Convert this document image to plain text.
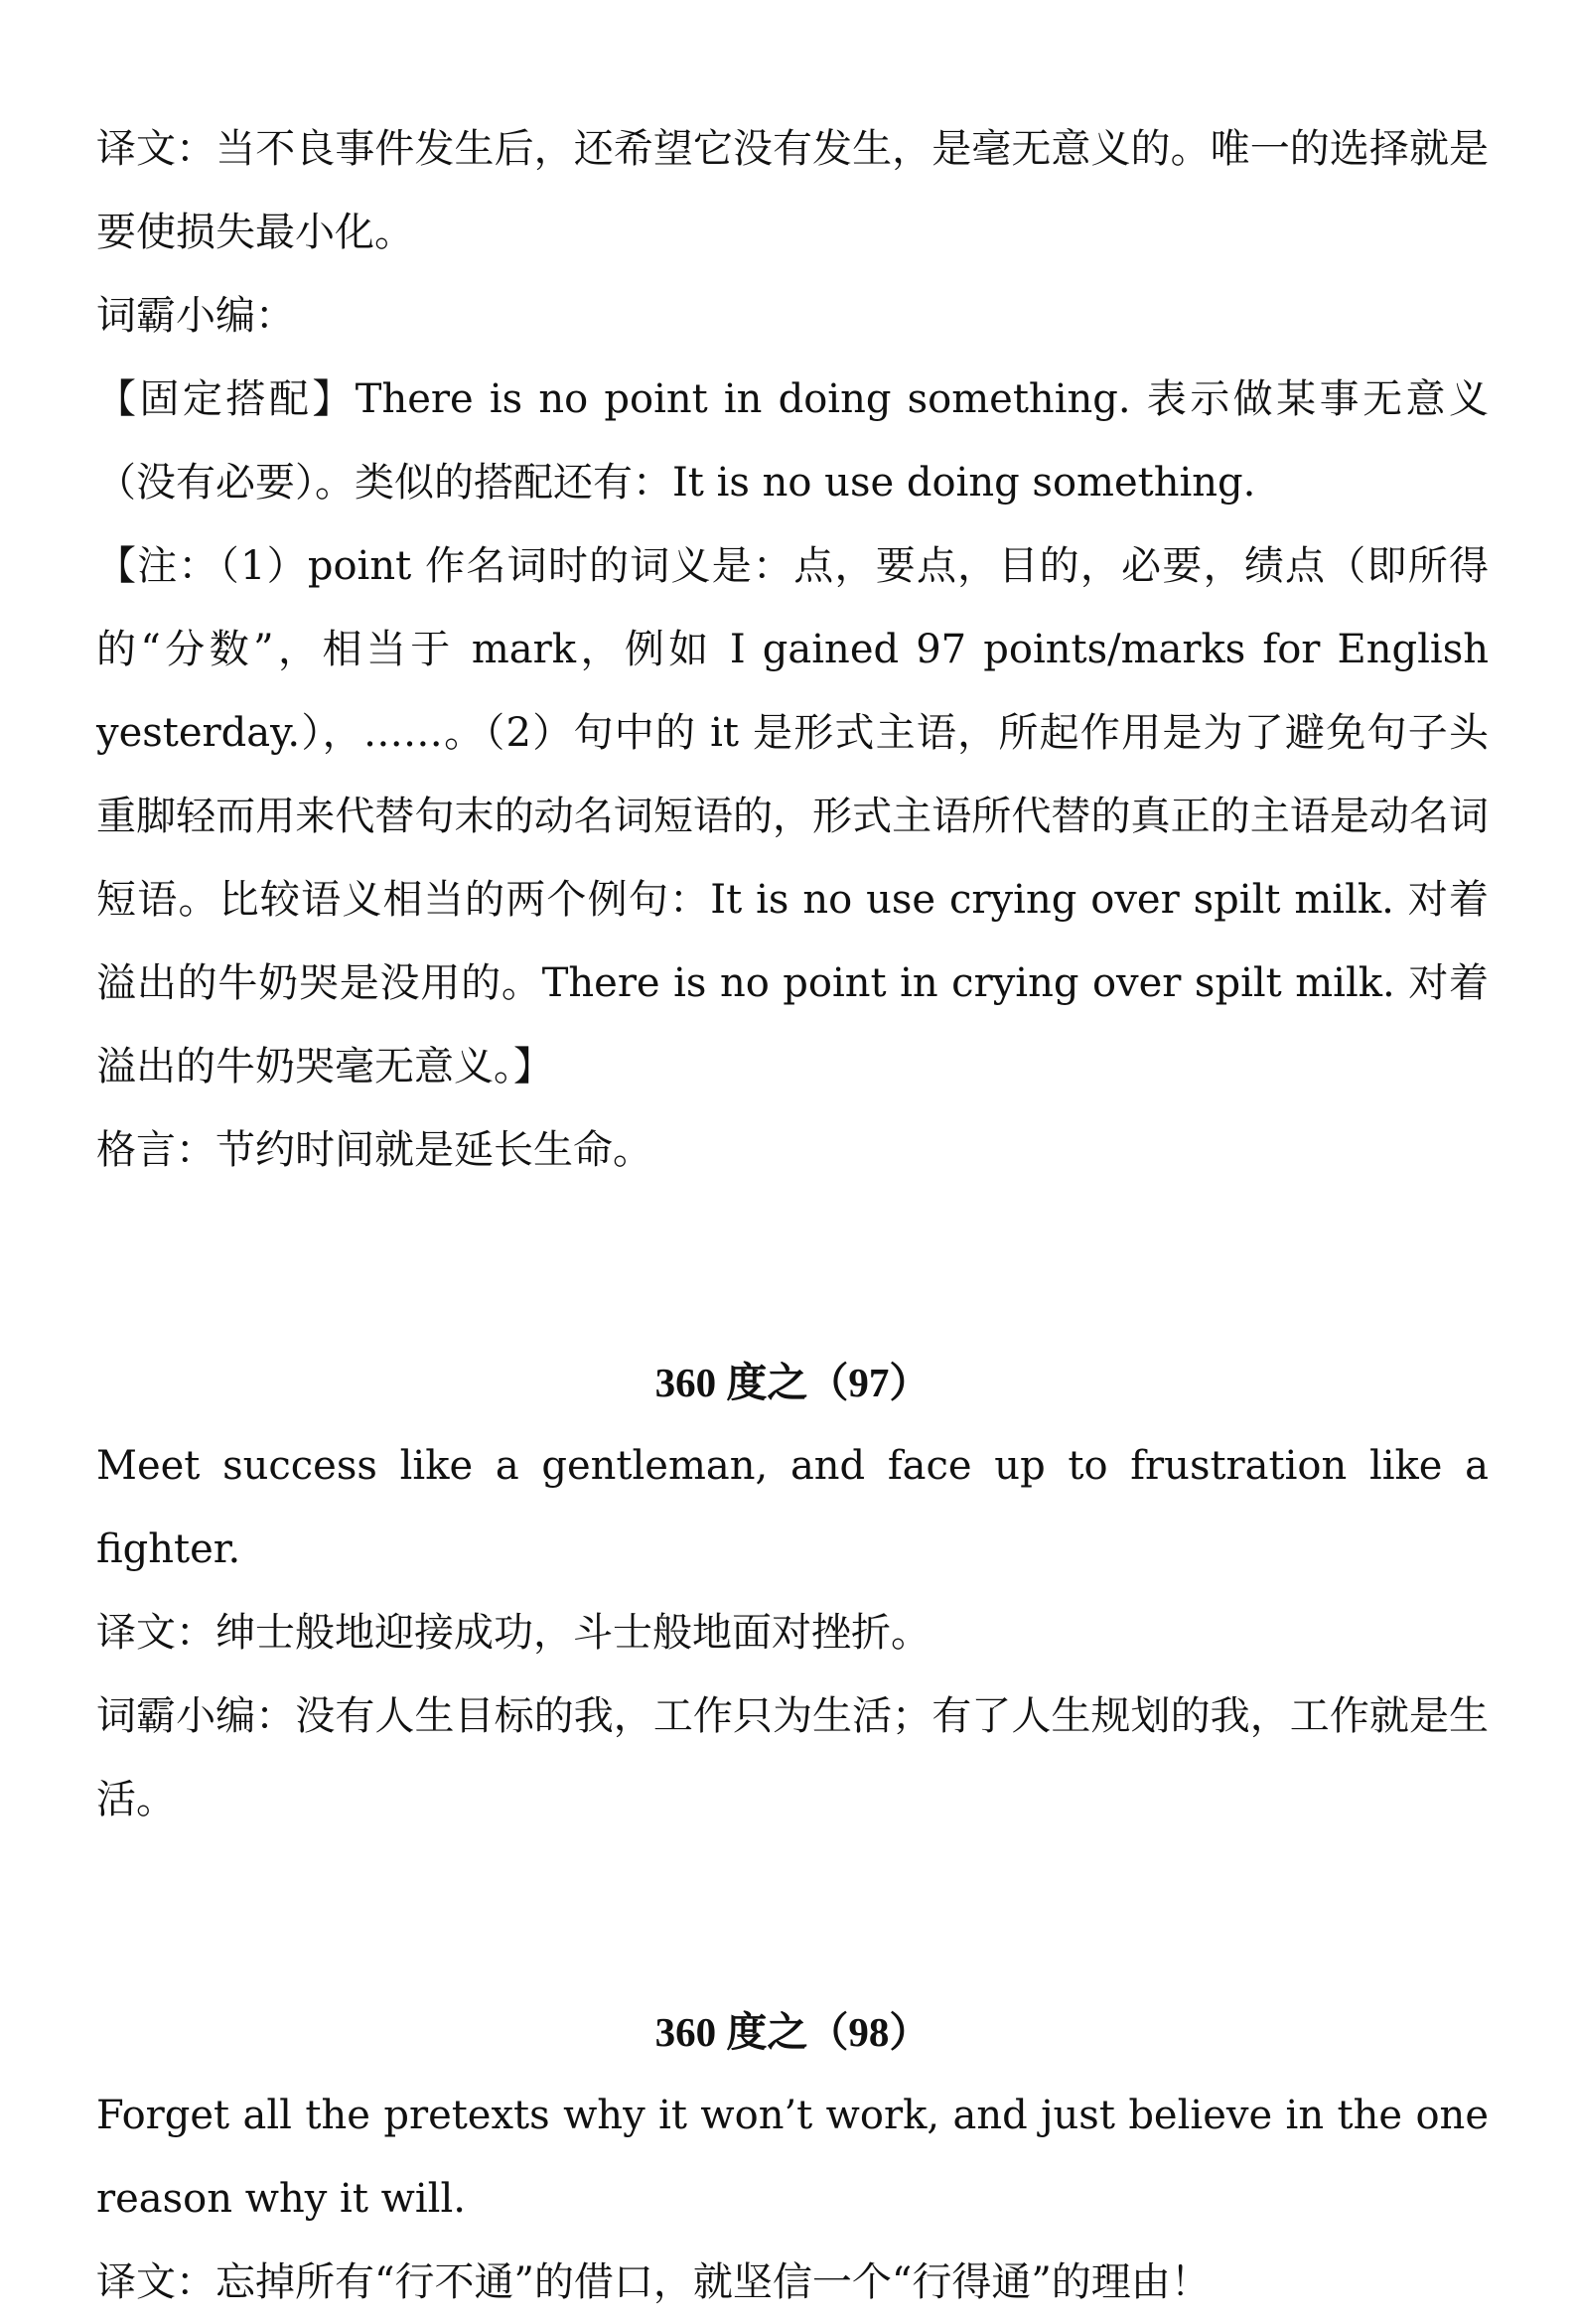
译文：当不良事件发生后，还希望它没有发生，是毫无意义的。唯一的选择就是要使损失最小化。

词霸小编：

【固定搭配】There is no point in doing something. 表示做某事无意义（没有必要）。类似的搭配还有：It is no use doing something.

【注：（1）point 作名词时的词义是：点，要点，目的，必要，绩点（即所得的“分数”，相当于 mark，例如 I gained 97 points/marks for English yesterday.），……。（2）句中的 it 是形式主语，所起作用是为了避免句子头重脚轻而用来代替句末的动名词短语的，形式主语所代替的真正的主语是动名词短语。比较语义相当的两个例句：It is no use crying over spilt milk. 对着溢出的牛奶哭是没用的。There is no point in crying over spilt milk. 对着溢出的牛奶哭毫无意义。】

格言：节约时间就是延长生命。

360 度之（97）

Meet success like a gentleman, and face up to frustration like a fighter.

译文：绅士般地迎接成功，斗士般地面对挫折。

词霸小编：没有人生目标的我，工作只为生活；有了人生规划的我，工作就是生活。

360 度之（98）

Forget all the pretexts why it won’t work, and just believe in the one reason why it will.

译文：忘掉所有“行不通”的借口，就坚信一个“行得通”的理由！
